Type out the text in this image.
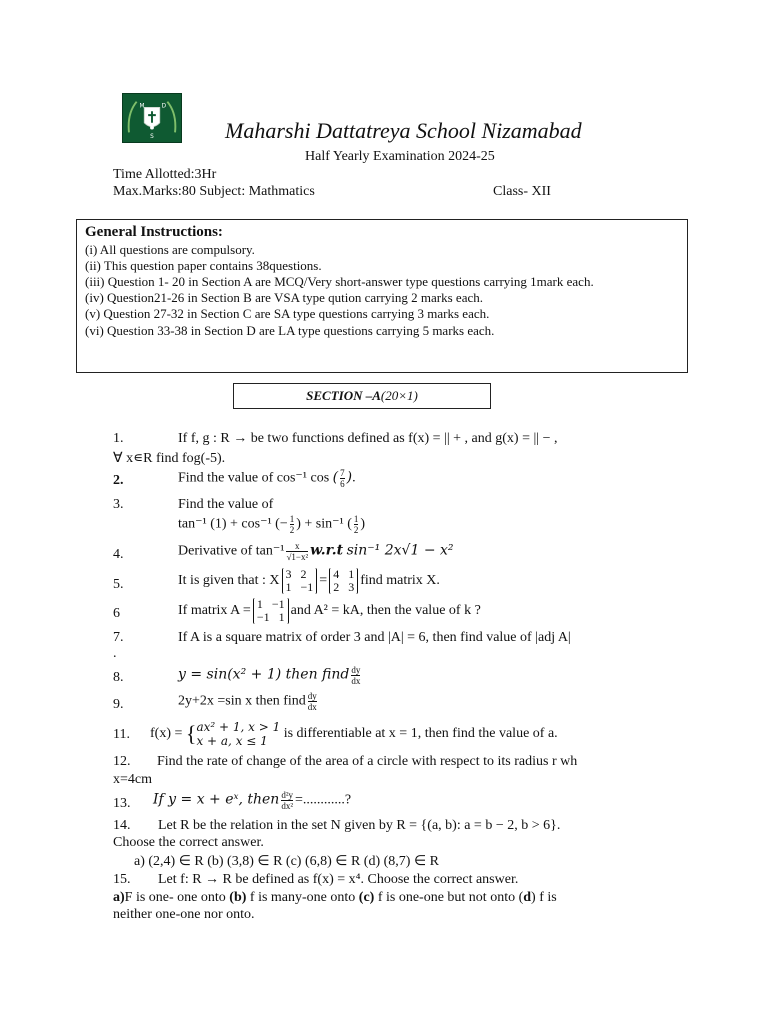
M	D
S	Maharshi Dattatreya School Nizamabad
Half Yearly Examination 2024-25
Time Allotted:3Hr
Max.Marks:80 Subject: Mathmatics	Class- XII
General Instructions:
(i) All questions are compulsory.
(ii) This question paper contains 38questions.
(iii) Question 1- 20 in Section A are MCQ/Very short-answer type questions carrying 1mark each.
(iv) Question21-26 in Section B are VSA type qution carrying 2 marks each.
(v) Question 27-32 in Section C are SA type questions carrying 3 marks each.
(vi) Question 33-38 in Section D are LA type questions carrying 5 marks each.
SECTION –A(20×1)
1.	If f, g : R → be two functions defined as f(x) = || + , and g(x) = || − ,
∀ x∊R find fog(-5).
2.	Find the value of cos⁻¹ cos ( $\frac{7}{6}$ ).
3.	Find the value of
tan⁻¹ (1) + cos⁻¹ (− $\frac{1}{2}$ ) + sin⁻¹ ( $\frac{1}{2}$ )
4.	Derivative of $\tan^{-1} \frac{x}{\text{√1−x²}} w.r.t$ sin⁻¹ 2x√1 − x²
5.	It is given that : X 3 2
1 −1 = 4 1
2 3 find matrix X.
6	If matrix A = 1 −1
−1 1 and A² = kA, then the value of k ?
7.	If A is a square matrix of order 3 and |A| = 6, then find value of |adj A|
.
8.	y = sin(x² + 1) then find $\frac{dy}{dx}$
9.	2y+2x =sin x then find $\frac{dy}{dx}$
11. f(x) = { ax² + 1, x > 1
x + a, x ≤ 1	is differentiable at x = 1, then find the value of a.
12. Find the rate of change of the area of a circle with respect to its radius r wh
x=4cm
13. If y = x + eˣ, then $\frac{\text{d²y}}{\text{dx²}}$ =............?
14. Let R be the relation in the set N given by R = {(a, b): a = b − 2, b > 6}.
Choose the correct answer.
a) (2,4) ∈ R (b) (3,8) ∈ R (c) (6,8) ∈ R (d) (8,7) ∈ R
15. Let f: R → R be defined as f(x) = x⁴. Choose the correct answer.
a)F is one- one onto (b) f is many-one onto (c) f is one-one but not onto (d) f is
neither one-one nor onto.
